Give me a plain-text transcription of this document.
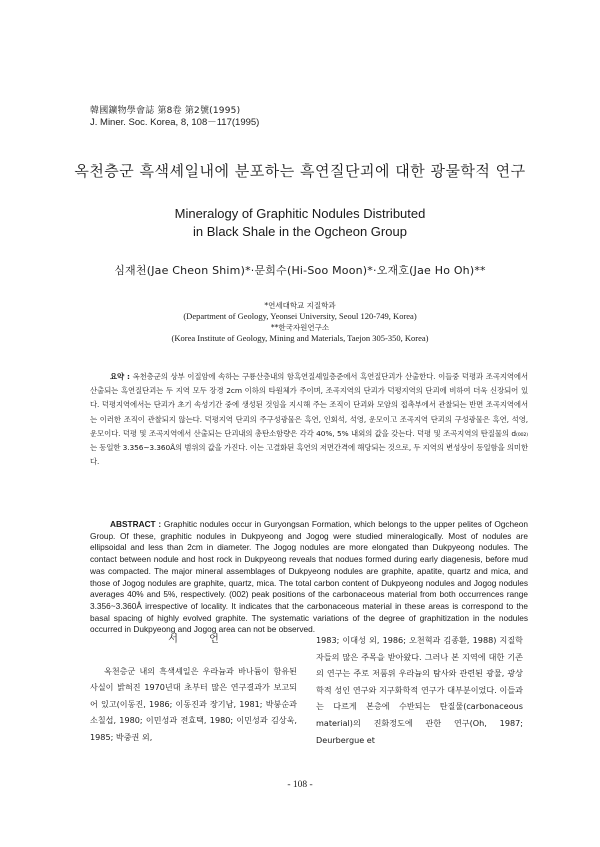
韓國鑛物學會誌 第8卷 第2號(1995)
J. Miner. Soc. Korea, 8, 108－117(1995)
옥천층군 흑색셰일내에 분포하는 흑연질단괴에 대한 광물학적 연구
Mineralogy of Graphitic Nodules Distributed
in Black Shale in the Ogcheon Group
심재천(Jae Cheon Shim)*·문희수(Hi-Soo Moon)*·오재호(Jae Ho Oh)**
*연세대학교 지질학과
(Department of Geology, Yeonsei University, Seoul 120-749, Korea)
**한국자원연구소
(Korea Institute of Geology, Mining and Materials, Taejon 305-350, Korea)
요약 : 옥천층군의 상부 이질암에 속하는 구룡산층내의 함흑연질셰일층준에서 흑연질단괴가 산출한다. 이들중 덕평과 조곡지역에서 산출되는 흑연질단괴는 두 지역 모두 장경 2cm 이하의 타원체가 주이며, 조곡지역의 단괴가 덕평지역의 단괴에 비하여 더욱 신장되어 있다. 덕평지역에서는 단괴가 초기 속성기간 중에 생성된 것임을 지시해 주는 조직이 단괴와 모암의 접촉부에서 관찰되는 반면 조곡지역에서는 이러한 조직이 관찰되지 않는다. 덕평지역 단괴의 주구성광물은 흑연, 인회석, 석영, 운모이고 조곡지역 단괴의 구성광물은 흑연, 석영, 운모이다. 덕평 및 조곡지역에서 산출되는 단괴내의 총탄소함량은 각각 40%, 5% 내외의 값을 갖는다. 덕평 및 조곡지역의 탄질물의 d₍₀₀₂₎는 동일한 3.356~3.360Å의 범위의 값을 가진다. 이는 고결화된 흑연의 저면간격에 해당되는 것으로, 두 지역의 변성상이 동일함을 의미한다.
ABSTRACT : Graphitic nodules occur in Guryongsan Formation, which belongs to the upper pelites of Ogcheon Group. Of these, graphitic nodules in Dukpyeong and Jogog were studied mineralogically. Most of nodules are ellipsoidal and less than 2cm in diameter. The Jogog nodules are more elongated than Dukpyeong nodules. The contact between nodule and host rock in Dukpyeong reveals that nodues formed during early diagenesis, before mud was compacted. The major mineral assemblages of Dukpyeong nodules are graphite, apatite, quartz and mica, and those of Jogog nodules are graphite, quartz, mica. The total carbon content of Dukpyeong nodules and Jogog nodules averages 40% and 5%, respectively. (002) peak positions of the carbonaceous material from both occurrences range 3.356~3.360Å irrespective of locality. It indicates that the carbonaceous material in these areas is correspond to the basal spacing of highly evolved graphite. The systematic variations of the degree of graphitization in the nodules occurred in Dukpyeong and Jogog area can not be observed.
서 언

옥천층군 내의 흑색셰일은 우라늄과 바나듐이 함유된 사실이 밝혀진 1970년대 초부터 많은 연구결과가 보고되어 있고(이동진, 1986; 이동진과 장기남, 1981; 박붕순과 소칠섭, 1980; 이민성과 전효택, 1980; 이민성과 김상욱, 1985; 박중권 외,

1983; 이대성 외, 1986; 오천혁과 김종환, 1988) 지질학자들의 많은 주목을 받아왔다. 그러나 본 지역에 대한 기존의 연구는 주로 저품위 우라늄의 탐사와 관련된 광물, 광상학적 성인 연구와 지구화학적 연구가 대부분이었다. 이들과는 다르게 본층에 수반되는 탄질물(carbonaceous material)의 진화정도에 관한 연구(Oh, 1987; Deurbergue et

- 108 -
